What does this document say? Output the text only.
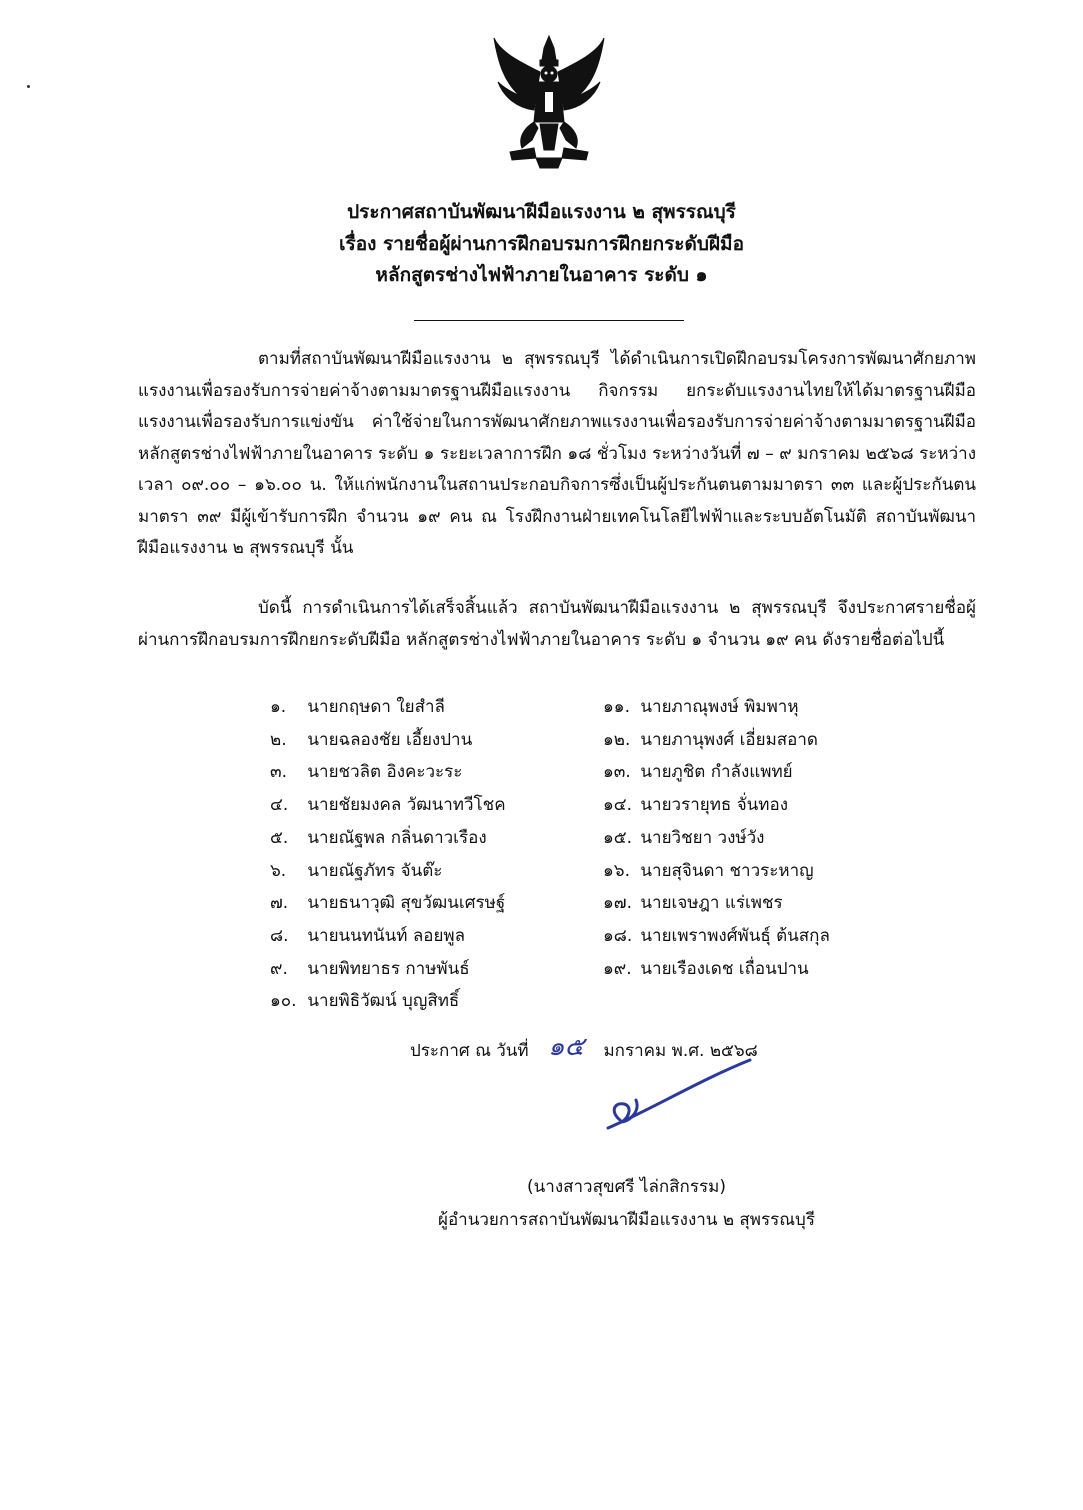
ประกาศสถาบันพัฒนาฝีมือแรงงาน ๒ สุพรรณบุรี
เรื่อง รายชื่อผู้ผ่านการฝึกอบรมการฝึกยกระดับฝีมือ
หลักสูตรช่างไฟฟ้าภายในอาคาร ระดับ ๑
ตามที่สถาบันพัฒนาฝีมือแรงงาน ๒ สุพรรณบุรี ได้ดำเนินการเปิดฝึกอบรมโครงการพัฒนาศักยภาพแรงงานเพื่อรองรับการจ่ายค่าจ้างตามมาตรฐานฝีมือแรงงาน กิจกรรม ยกระดับแรงงานไทยให้ได้มาตรฐานฝีมือแรงงานเพื่อรองรับการแข่งขัน ค่าใช้จ่ายในการพัฒนาศักยภาพแรงงานเพื่อรองรับการจ่ายค่าจ้างตามมาตรฐานฝีมือ หลักสูตรช่างไฟฟ้าภายในอาคาร ระดับ ๑ ระยะเวลาการฝึก ๑๘ ชั่วโมง ระหว่างวันที่ ๗ – ๙ มกราคม ๒๕๖๘ ระหว่างเวลา ๐๙.๐๐ – ๑๖.๐๐ น. ให้แก่พนักงานในสถานประกอบกิจการซึ่งเป็นผู้ประกันตนตามมาตรา ๓๓ และผู้ประกันตนมาตรา ๓๙ มีผู้เข้ารับการฝึก จำนวน ๑๙ คน ณ โรงฝึกงานฝ่ายเทคโนโลยีไฟฟ้าและระบบอัตโนมัติ สถาบันพัฒนาฝีมือแรงงาน ๒ สุพรรณบุรี นั้น
บัดนี้ การดำเนินการได้เสร็จสิ้นแล้ว สถาบันพัฒนาฝีมือแรงงาน ๒ สุพรรณบุรี จึงประกาศรายชื่อผู้ผ่านการฝึกอบรมการฝึกยกระดับฝีมือ หลักสูตรช่างไฟฟ้าภายในอาคาร ระดับ ๑ จำนวน ๑๙ คน ดังรายชื่อต่อไปนี้
๑. นายกฤษดา ใยสำลี
๒. นายฉลองชัย เอี้ยงปาน
๓. นายชวลิต อิงคะวะระ
๔. นายชัยมงคล วัฒนาทวีโชค
๕. นายณัฐพล กลิ่นดาวเรือง
๖. นายณัฐภัทร จันต๊ะ
๗. นายธนาวุฒิ สุขวัฒนเศรษฐ์
๘. นายนนทนันท์ ลอยพูล
๙. นายพิทยาธร กาษพันธ์
๑๐. นายพิธิวัฒน์ บุญสิทธิ์
๑๑. นายภาณุพงษ์ พิมพาหุ
๑๒. นายภานุพงศ์ เอี่ยมสอาด
๑๓. นายภูชิต กำลังแพทย์
๑๔. นายวรายุทธ จั่นทอง
๑๕. นายวิชยา วงษ์วัง
๑๖. นายสุจินดา ชาวระหาญ
๑๗. นายเจษฎา แร่เพชร
๑๘. นายเพราพงศ์พันธุ์ ต้นสกุล
๑๙. นายเรืองเดช เถื่อนปาน
ประกาศ ณ วันที่	มกราคม พ.ศ. ๒๕๖๘
๑๕
(นางสาวสุขศรี ไล่กสิกรรม)
ผู้อำนวยการสถาบันพัฒนาฝีมือแรงงาน ๒ สุพรรณบุรี
